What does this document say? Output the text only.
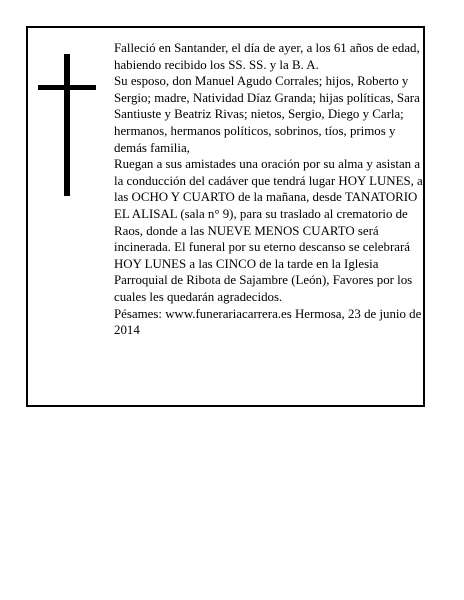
Falleció en Santander, el día de ayer, a los 61 años de edad, habiendo recibido los SS. SS. y la B. A.

Su esposo, don Manuel Agudo Corrales; hijos, Roberto y Sergio; madre, Natividad Díaz Granda; hijas políticas, Sara Santiuste y Beatriz Rivas; nietos, Sergio, Diego y Carla; hermanos, hermanos políticos, sobrinos, tíos, primos y demás familia,

Ruegan a sus amistades una oración por su alma y asistan a la conducción del cadáver que tendrá lugar HOY LUNES, a las OCHO Y CUARTO de la mañana, desde TANATORIO EL ALISAL (sala n° 9), para su traslado al crematorio de Raos, donde a las NUEVE MENOS CUARTO será incinerada. El funeral por su eterno descanso se celebrará HOY LUNES a las CINCO de la tarde en la Iglesia Parroquial de Ribota de Sajambre (León), Favores por los cuales les quedarán agradecidos.

Pésames: www.funerariacarrera.es Hermosa, 23 de junio de 2014
